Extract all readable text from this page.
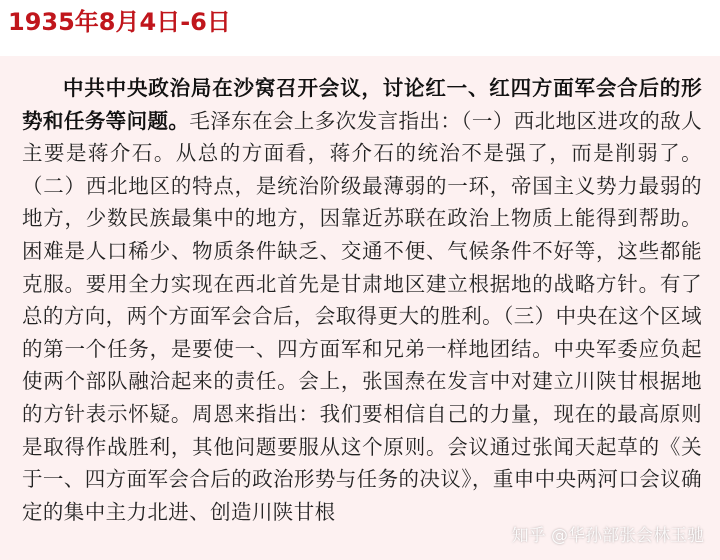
1935年8月4日-6日

中共中央政治局在沙窝召开会议，讨论红一、红四方面军会合后的形势和任务等问题。毛泽东在会上多次发言指出：（一）西北地区进攻的敌人主要是蒋介石。从总的方面看，蒋介石的统治不是强了，而是削弱了。（二）西北地区的特点，是统治阶级最薄弱的一环，帝国主义势力最弱的地方，少数民族最集中的地方，因靠近苏联在政治上物质上能得到帮助。困难是人口稀少、物质条件缺乏、交通不便、气候条件不好等，这些都能克服。要用全力实现在西北首先是甘肃地区建立根据地的战略方针。有了总的方向，两个方面军会合后，会取得更大的胜利。（三）中央在这个区域的第一个任务，是要使一、四方面军和兄弟一样地团结。中央军委应负起使两个部队融洽起来的责任。会上，张国焘在发言中对建立川陕甘根据地的方针表示怀疑。周恩来指出：我们要相信自己的力量，现在的最高原则是取得作战胜利，其他问题要服从这个原则。会议通过张闻天起草的《关于一、四方面军会合后的政治形势与任务的决议》，重申中央两河口会议确定的集中主力北进、创造川陕甘根

知乎 @华孙部张会林玉驰
